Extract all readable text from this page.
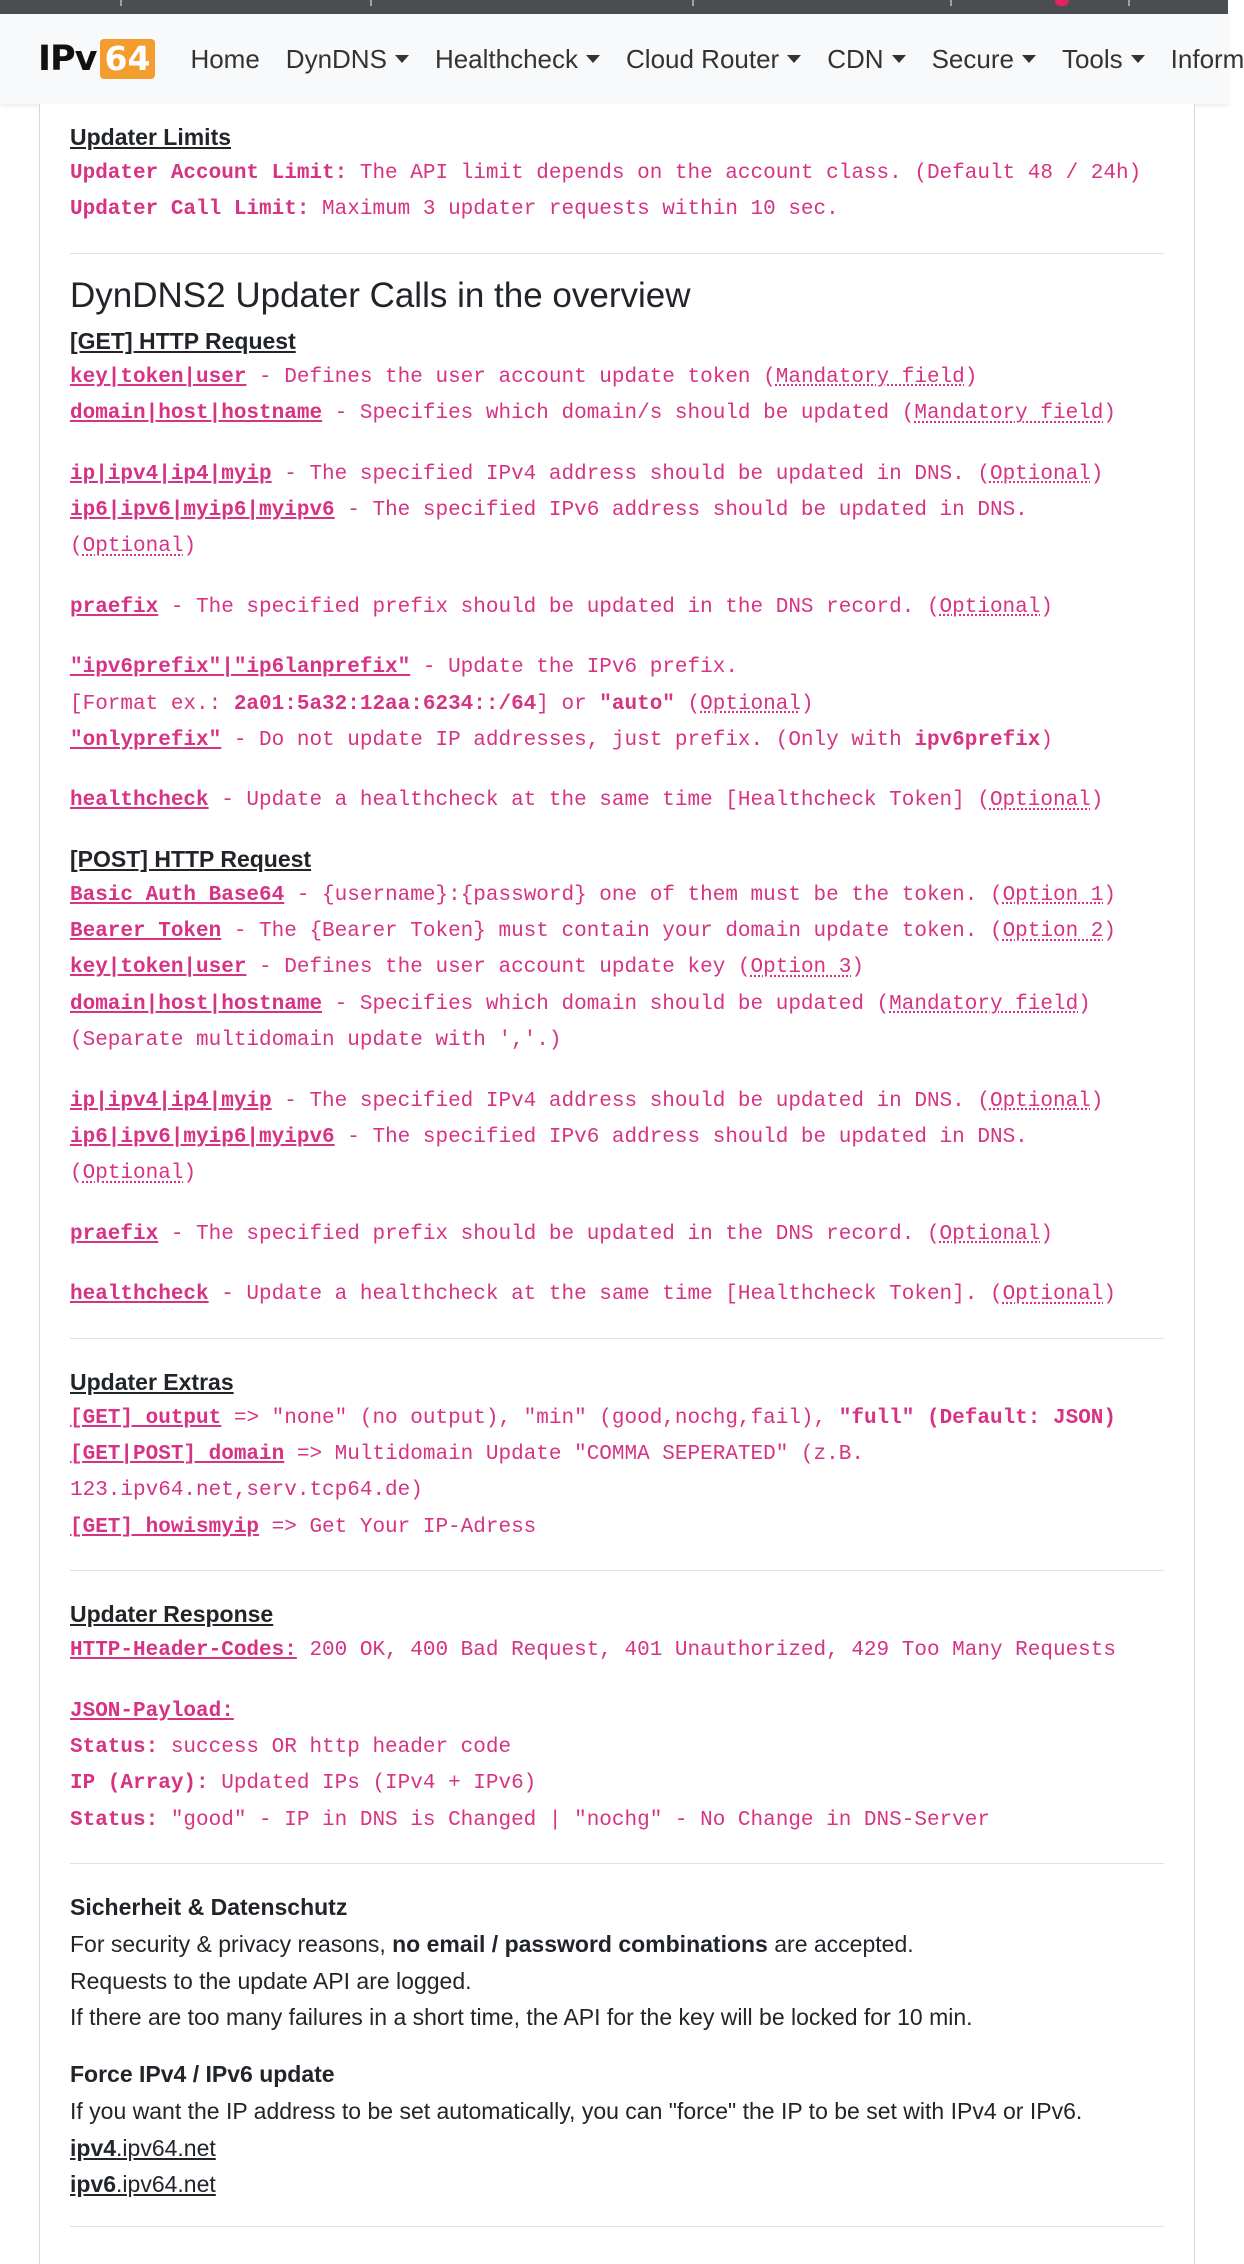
IPv 64 Home DynDNS Healthcheck Cloud Router CDN Secure Tools Inform
Updater Limits
Updater Account Limit: The API limit depends on the account class. (Default 48 / 24h)
Updater Call Limit: Maximum 3 updater requests within 10 sec.
DynDNS2 Updater Calls in the overview
[GET] HTTP Request
key|token|user - Defines the user account update token (Mandatory field)
domain|host|hostname - Specifies which domain/s should be updated (Mandatory field)
ip|ipv4|ip4|myip - The specified IPv4 address should be updated in DNS. (Optional)
ip6|ipv6|myip6|myipv6 - The specified IPv6 address should be updated in DNS.
(Optional)
praefix - The specified prefix should be updated in the DNS record. (Optional)
"ipv6prefix"|"ip6lanprefix" - Update the IPv6 prefix.
[Format ex.: 2a01:5a32:12aa:6234::/64] or "auto" (Optional)
"onlyprefix" - Do not update IP addresses, just prefix. (Only with ipv6prefix)
healthcheck - Update a healthcheck at the same time [Healthcheck Token] (Optional)
[POST] HTTP Request
Basic Auth Base64 - {username}:{password} one of them must be the token. (Option 1)
Bearer Token - The {Bearer Token} must contain your domain update token. (Option 2)
key|token|user - Defines the user account update key (Option 3)
domain|host|hostname - Specifies which domain should be updated (Mandatory field)
(Separate multidomain update with ','.)
ip|ipv4|ip4|myip - The specified IPv4 address should be updated in DNS. (Optional)
ip6|ipv6|myip6|myipv6 - The specified IPv6 address should be updated in DNS.
(Optional)
praefix - The specified prefix should be updated in the DNS record. (Optional)
healthcheck - Update a healthcheck at the same time [Healthcheck Token]. (Optional)
Updater Extras
[GET] output => "none" (no output), "min" (good,nochg,fail), "full" (Default: JSON)
[GET|POST] domain => Multidomain Update "COMMA SEPERATED" (z.B.
123.ipv64.net,serv.tcp64.de)
[GET] howismyip => Get Your IP-Adress
Updater Response
HTTP-Header-Codes: 200 OK, 400 Bad Request, 401 Unauthorized, 429 Too Many Requests
JSON-Payload:
Status: success OR http header code
IP (Array): Updated IPs (IPv4 + IPv6)
Status: "good" - IP in DNS is Changed | "nochg" - No Change in DNS-Server
Sicherheit & Datenschutz
For security & privacy reasons, no email / password combinations are accepted.
Requests to the update API are logged.
If there are too many failures in a short time, the API for the key will be locked for 10 min.
Force IPv4 / IPv6 update
If you want the IP address to be set automatically, you can "force" the IP to be set with IPv4 or IPv6.
ipv4.ipv64.net
ipv6.ipv64.net
